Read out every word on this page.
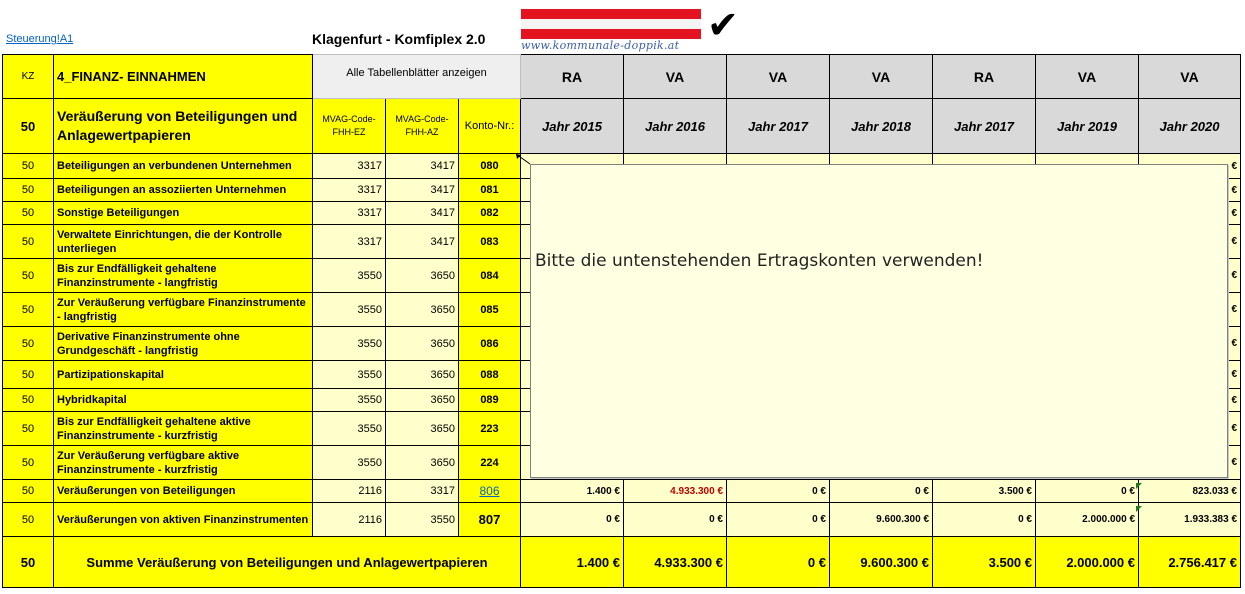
Steuerung!A1	Klagenfurt - Komfiplex 2.0	www.kommunale-doppik.at ✔
KZ	4_FINANZ- EINNAHMEN	Alle Tabellenblätter anzeigen			RA	VA	VA	VA	RA	VA	VA
50	Veräußerung von Beteiligungen und Anlagewertpapieren	MVAG-Code-FHH-EZ	MVAG-Code-FHH-AZ	Konto-Nr.:	Jahr 2015	Jahr 2016	Jahr 2017	Jahr 2018	Jahr 2017	Jahr 2019	Jahr 2020
50	Beteiligungen an verbundenen Unternehmen	3317	3417	080							€
50	Beteiligungen an assoziierten Unternehmen	3317	3417	081							€
50	Sonstige Beteiligungen	3317	3417	082							€
50	Verwaltete Einrichtungen, die der Kontrolle unterliegen	3317	3417	083							€
50	Bis zur Endfälligkeit gehaltene Finanzinstrumente - langfristig	3550	3650	084							€
50	Zur Veräußerung verfügbare Finanzinstrumente - langfristig	3550	3650	085							€
50	Derivative Finanzinstrumente ohne Grundgeschäft - langfristig	3550	3650	086							€
50	Partizipationskapital	3550	3650	088							€
50	Hybridkapital	3550	3650	089							€
50	Bis zur Endfälligkeit gehaltene aktive Finanzinstrumente - kurzfristig	3550	3650	223							€
50	Zur Veräußerung verfügbare aktive Finanzinstrumente - kurzfristig	3550	3650	224							€
50	Veräußerungen von Beteiligungen	2116	3317	806	1.400 €	4.933.300 €	0 €	0 €	3.500 €	0 €	823.033 €
50	Veräußerungen von aktiven Finanzinstrumenten	2116	3550	807	0 €	0 €	0 €	9.600.300 €	0 €	2.000.000 €	1.933.383 €
50	Summe Veräußerung von Beteiligungen und Anlagewertpapieren				1.400 €	4.933.300 €	0 €	9.600.300 €	3.500 €	2.000.000 €	2.756.417 €
Bitte die untenstehenden Ertragskonten verwenden!
